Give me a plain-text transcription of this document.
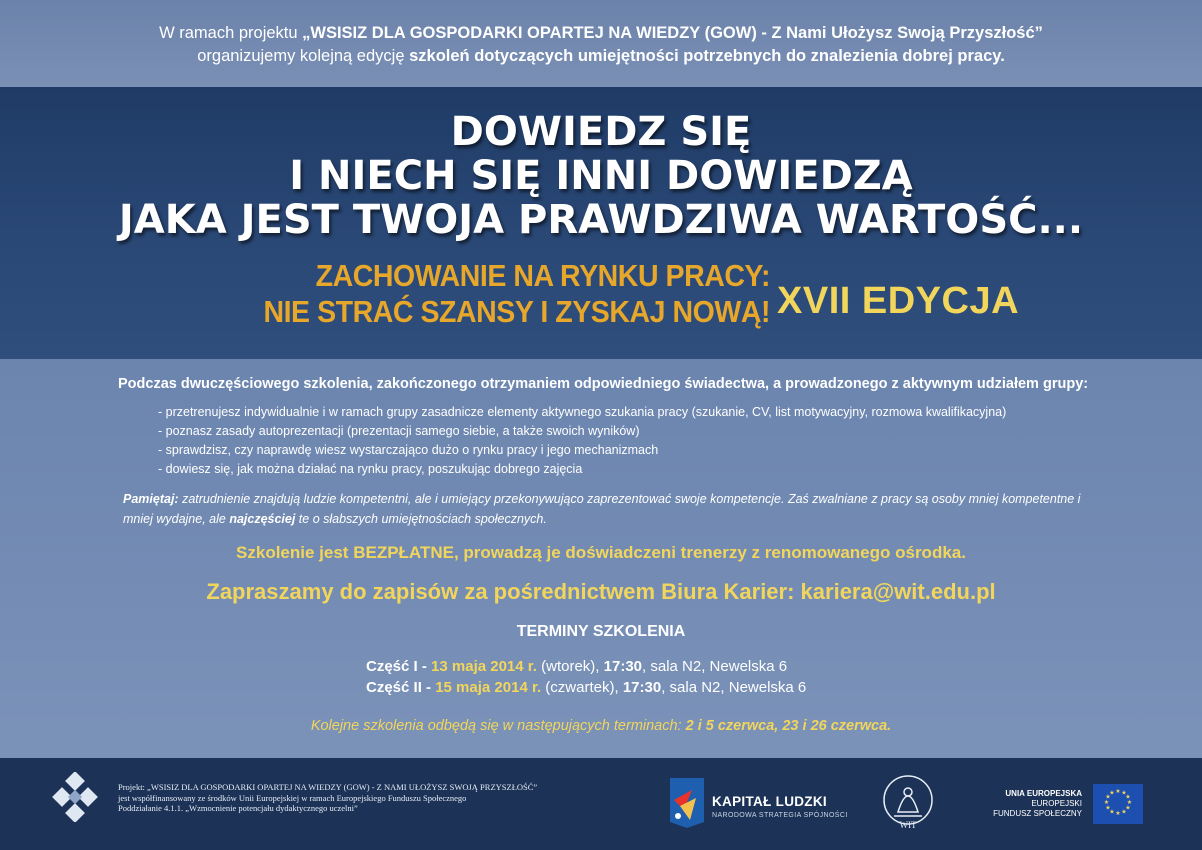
W ramach projektu „WSISIZ DLA GOSPODARKI OPARTEJ NA WIEDZY (GOW) - Z Nami Ułożysz Swoją Przyszłość”
organizujemy kolejną edycję szkoleń dotyczących umiejętności potrzebnych do znalezienia dobrej pracy.
DOWIEDZ SIĘ
I NIECH SIĘ INNI DOWIEDZĄ
JAKA JEST TWOJA PRAWDZIWA WARTOŚĆ...
ZACHOWANIE NA RYNKU PRACY:
NIE STRAĆ SZANSY I ZYSKAJ NOWĄ! XVII EDYCJA
Podczas dwuczęściowego szkolenia, zakończonego otrzymaniem odpowiedniego świadectwa, a prowadzonego z aktywnym udziałem grupy:
- przetrenujesz indywidualnie i w ramach grupy zasadnicze elementy aktywnego szukania pracy (szukanie, CV, list motywacyjny, rozmowa kwalifikacyjna)
- poznasz zasady autoprezentacji (prezentacji samego siebie, a także swoich wyników)
- sprawdzisz, czy naprawdę wiesz wystarczająco dużo o rynku pracy i jego mechanizmach
- dowiesz się, jak można działać na rynku pracy, poszukując dobrego zajęcia
Pamiętaj: zatrudnienie znajdują ludzie kompetentni, ale i umiejący przekonywująco zaprezentować swoje kompetencje. Zaś zwalniane z pracy są osoby mniej kompetentne i mniej wydajne, ale najczęściej te o słabszych umiejętnościach społecznych.
Szkolenie jest BEZPŁATNE, prowadzą je doświadczeni trenerzy z renomowanego ośrodka.
Zapraszamy do zapisów za pośrednictwem Biura Karier: kariera@wit.edu.pl
TERMINY SZKOLENIA
Część I - 13 maja 2014 r. (wtorek), 17:30, sala N2, Newelska 6
Część II - 15 maja 2014 r. (czwartek), 17:30, sala N2, Newelska 6
Kolejne szkolenia odbędą się w następujących terminach: 2 i 5 czerwca, 23 i 26 czerwca.
Projekt: „WSISIZ DLA GOSPODARKI OPARTEJ NA WIEDZY (GOW) - Z NAMI UŁOŻYSZ SWOJĄ PRZYSZŁOŚĆ”
jest współfinansowany ze środków Unii Europejskiej w ramach Europejskiego Funduszu Społecznego
Poddziałanie 4.1.1. „Wzmocnienie potencjału dydaktycznego uczelni”	KAPITAŁ LUDZKI
NARODOWA STRATEGIA SPÓJNOŚCI
WIT
UNIA EUROPEJSKA
EUROPEJSKI
FUNDUSZ SPOŁECZNY
★ ★
★
★
★
★
★
★
★
★
★
★
